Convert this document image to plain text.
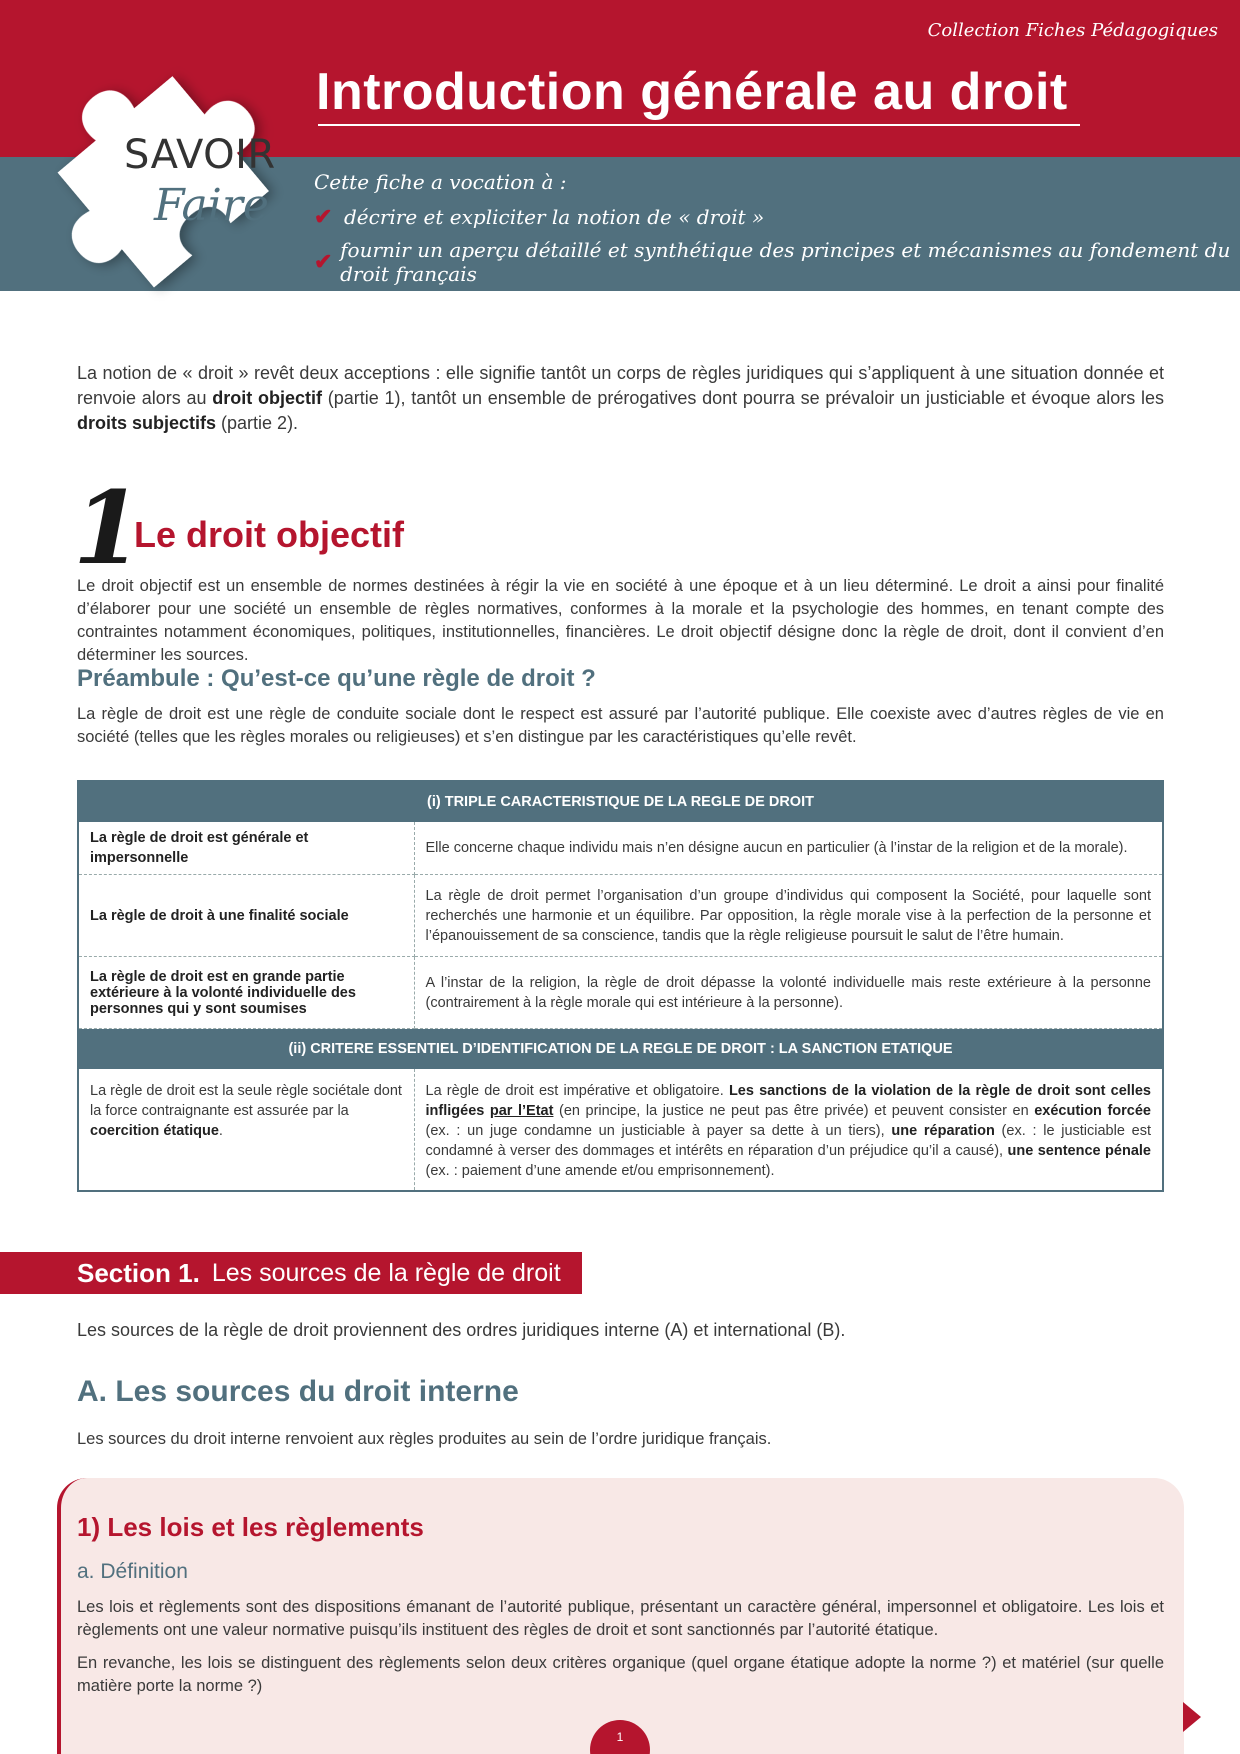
Collection Fiches Pédagogiques
Introduction générale au droit
SAVOIR
Faire Cette fiche a vocation à :
✔ décrire et expliciter la notion de « droit »
✔ fournir un aperçu détaillé et synthétique des principes et mécanismes au fondement du droit français
La notion de « droit » revêt deux acceptions : elle signifie tantôt un corps de règles juridiques qui s’appliquent à une situation donnée et renvoie alors au droit objectif (partie 1), tantôt un ensemble de prérogatives dont pourra se prévaloir un justiciable et évoque alors les droits subjectifs (partie 2).
1
Le droit objectif
Le droit objectif est un ensemble de normes destinées à régir la vie en société à une époque et à un lieu déterminé. Le droit a ainsi pour finalité d’élaborer pour une société un ensemble de règles normatives, conformes à la morale et la psychologie des hommes, en tenant compte des contraintes notamment économiques, politiques, institutionnelles, financières. Le droit objectif désigne donc la règle de droit, dont il convient d’en déterminer les sources.
Préambule : Qu’est-ce qu’une règle de droit ?
La règle de droit est une règle de conduite sociale dont le respect est assuré par l’autorité publique. Elle coexiste avec d’autres règles de vie en société (telles que les règles morales ou religieuses) et s’en distingue par les caractéristiques qu’elle revêt.
(i) TRIPLE CARACTERISTIQUE DE LA REGLE DE DROIT	
La règle de droit est générale et impersonnelle	Elle concerne chaque individu mais n’en désigne aucun en particulier (à l’instar de la religion et de la morale).
La règle de droit à une finalité sociale	La règle de droit permet l’organisation d’un groupe d’individus qui composent la Société, pour laquelle sont recherchés une harmonie et un équilibre. Par opposition, la règle morale vise à la perfection de la personne et l’épanouissement de sa conscience, tandis que la règle religieuse poursuit le salut de l’être humain.
La règle de droit est en grande partie extérieure à la volonté individuelle des personnes qui y sont soumises	A l’instar de la religion, la règle de droit dépasse la volonté individuelle mais reste extérieure à la personne (contrairement à la règle morale qui est intérieure à la personne).
(ii) CRITERE ESSENTIEL D’IDENTIFICATION DE LA REGLE DE DROIT : LA SANCTION ETATIQUE	
La règle de droit est la seule règle sociétale dont la force contraignante est assurée par la coercition étatique.	La règle de droit est impérative et obligatoire. Les sanctions de la violation de la règle de droit sont celles infligées par l’Etat (en principe, la justice ne peut pas être privée) et peuvent consister en exécution forcée (ex. : un juge condamne un justiciable à payer sa dette à un tiers), une réparation (ex. : le justiciable est condamné à verser des dommages et intérêts en réparation d’un préjudice qu’il a causé), une sentence pénale (ex. : paiement d’une amende et/ou emprisonnement).
Section 1. Les sources de la règle de droit
Les sources de la règle de droit proviennent des ordres juridiques interne (A) et international (B).
A. Les sources du droit interne
Les sources du droit interne renvoient aux règles produites au sein de l’ordre juridique français.
1) Les lois et les règlements
a. Définition
Les lois et règlements sont des dispositions émanant de l’autorité publique, présentant un caractère général, impersonnel et obligatoire. Les lois et règlements ont une valeur normative puisqu’ils instituent des règles de droit et sont sanctionnés par l’autorité étatique.
En revanche, les lois se distinguent des règlements selon deux critères organique (quel organe étatique adopte la norme ?) et matériel (sur quelle matière porte la norme ?)
1
